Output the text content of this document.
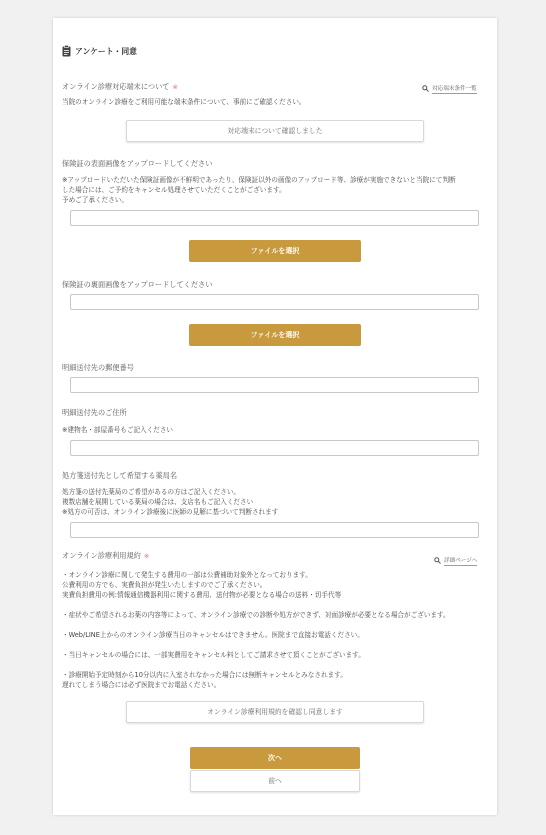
アンケート・同意
オンライン診療対応端末について ※	対応端末条件一覧
当院のオンライン診療をご利用可能な端末条件について、事前にご確認ください。
対応端末について確認しました
保険証の表面画像をアップロードしてください
※アップロードいただいた保険証画像が不鮮明であったり、保険証以外の画像のアップロード等、診療が実施できないと当院にて判断
した場合には、ご予約をキャンセル処理させていただくことがございます。
予めご了承ください。
ファイルを選択
保険証の裏面画像をアップロードしてください
ファイルを選択
明細送付先の郵便番号
明細送付先のご住所
※建物名・部屋番号もご記入ください
処方箋送付先として希望する薬局名
処方箋の送付先薬局のご希望があるの方はご記入ください。
複数店舗を展開している薬局の場合は、支店名もご記入ください
※処方の可否は、オンライン診療後に医師の見解に基づいて判断されます
オンライン診療利用規約 ※
詳細ページへ
・オンライン診療に関して発生する費用の一部は公費補助対象外となっております。
公費利用の方でも、実費負担が発生いたしますのでご了承ください。
実費負担費用の例:情報通信機器利用に関する費用、送付物が必要となる場合の送料・切手代等
・症状やご希望されるお薬の内容等によって、オンライン診療での診断や処方ができず、対面診療が必要となる場合がございます。
・Web/LINE上からのオンライン診療当日のキャンセルはできません。医院まで直接お電話ください。
・当日キャンセルの場合には、一部実費用をキャンセル料としてご請求させて頂くことがございます。
・診療開始予定時刻から10分以内に入室されなかった場合には無断キャンセルとみなされます。
遅れてしまう場合には必ず医院までお電話ください。
オンライン診療利用規約を確認し同意します
次へ
前へ
